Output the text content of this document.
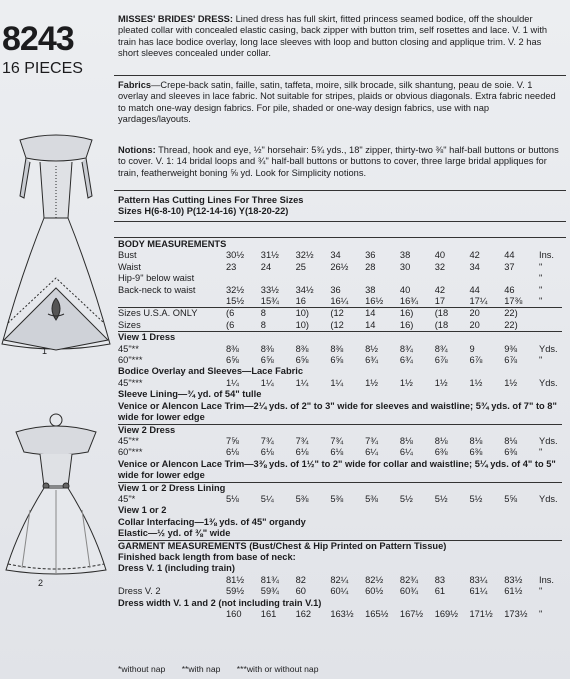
8243
16 PIECES
1
2
MISSES' BRIDES' DRESS: Lined dress has full skirt, fitted princess seamed bodice, off the shoulder pleated collar with concealed elastic casing, back zipper with button trim, self rosettes and lace. V. 1 with train has lace bodice overlay, long lace sleeves with loop and button closing and applique trim. V. 2 has short sleeves concealed under collar.
Fabrics—Crepe-back satin, faille, satin, taffeta, moire, silk brocade, silk shantung, peau de soie. V. 1 overlay and sleeves in lace fabric. Not suitable for stripes, plaids or obvious diagonals. Extra fabric needed to match one-way design fabrics. For pile, shaded or one-way design fabrics, use with nap yardages/layouts.
Notions: Thread, hook and eye, ½" horsehair: 5¾ yds., 18" zipper, thirty-two ⅜" half-ball buttons or buttons to cover. V. 1: 14 bridal loops and ¾" half-ball buttons or buttons to cover, three large bridal appliques for train, featherweight boning ⅝ yd. Look for Simplicity notions.
Pattern Has Cutting Lines For Three Sizes
Sizes H(6-8-10) P(12-14-16) Y(18-20-22)
BODY MEASUREMENTS										
Bust	30½	31½	32½	34	36	38	40	42	44	Ins.
Waist	23	24	25	26½	28	30	32	34	37	"
Hip-9" below waist										"
Back-neck to waist	32½	33½	34½	36	38	40	42	44	46	"
	15½	15¾	16	16¼	16½	16¾	17	17¼	17⅜	"
Sizes U.S.A. ONLY	(6	8	10)	(12	14	16)	(18	20	22)	
Sizes	(6	8	10)	(12	14	16)	(18	20	22)	
View 1 Dress										
45"**	8⅜	8⅜	8⅜	8⅜	8½	8¾	8¾	9	9⅜	Yds.
60"***	6⅝	6⅝	6⅝	6⅝	6¾	6¾	6⅞	6⅞	6⅞	"
Bodice Overlay and Sleeves—Lace Fabric										
45"***	1¼	1¼	1¼	1¼	1½	1½	1½	1½	1½	Yds.
Sleeve Lining—¾ yd. of 54" tulle										
Venice or Alencon Lace Trim—2¼ yds. of 2" to 3" wide for sleeves and waistline; 5¾ yds. of 7" to 8" wide for lower edge										
View 2 Dress										
45"**	7⅝	7¾	7¾	7¾	7¾	8⅛	8⅛	8⅛	8⅛	Yds.
60"***	6⅛	6⅛	6⅛	6⅛	6¼	6¼	6⅜	6⅜	6⅜	"
Venice or Alencon Lace Trim—3⅜ yds. of 1½" to 2" wide for collar and waistline; 5¼ yds. of 4" to 5" wide for lower edge										
View 1 or 2 Dress Lining										
45"*	5⅛	5¼	5⅜	5⅜	5⅜	5½	5½	5½	5⅝	Yds.
View 1 or 2										
Collar Interfacing—1⅜ yds. of 45" organdy										
Elastic—½ yd. of ⅜" wide										
GARMENT MEASUREMENTS (Bust/Chest & Hip Printed on Pattern Tissue)										
Finished back length from base of neck:										
Dress V. 1 (including train)										
	81½	81¾	82	82¼	82½	82¾	83	83¼	83½	Ins.
Dress V. 2	59½	59¾	60	60¼	60½	60¾	61	61¼	61½	"
Dress width V. 1 and 2 (not including train V.1)										
	160	161	162	163½	165½	167½	169½	171½	173½	"
*without nap **with nap ***with or without nap
